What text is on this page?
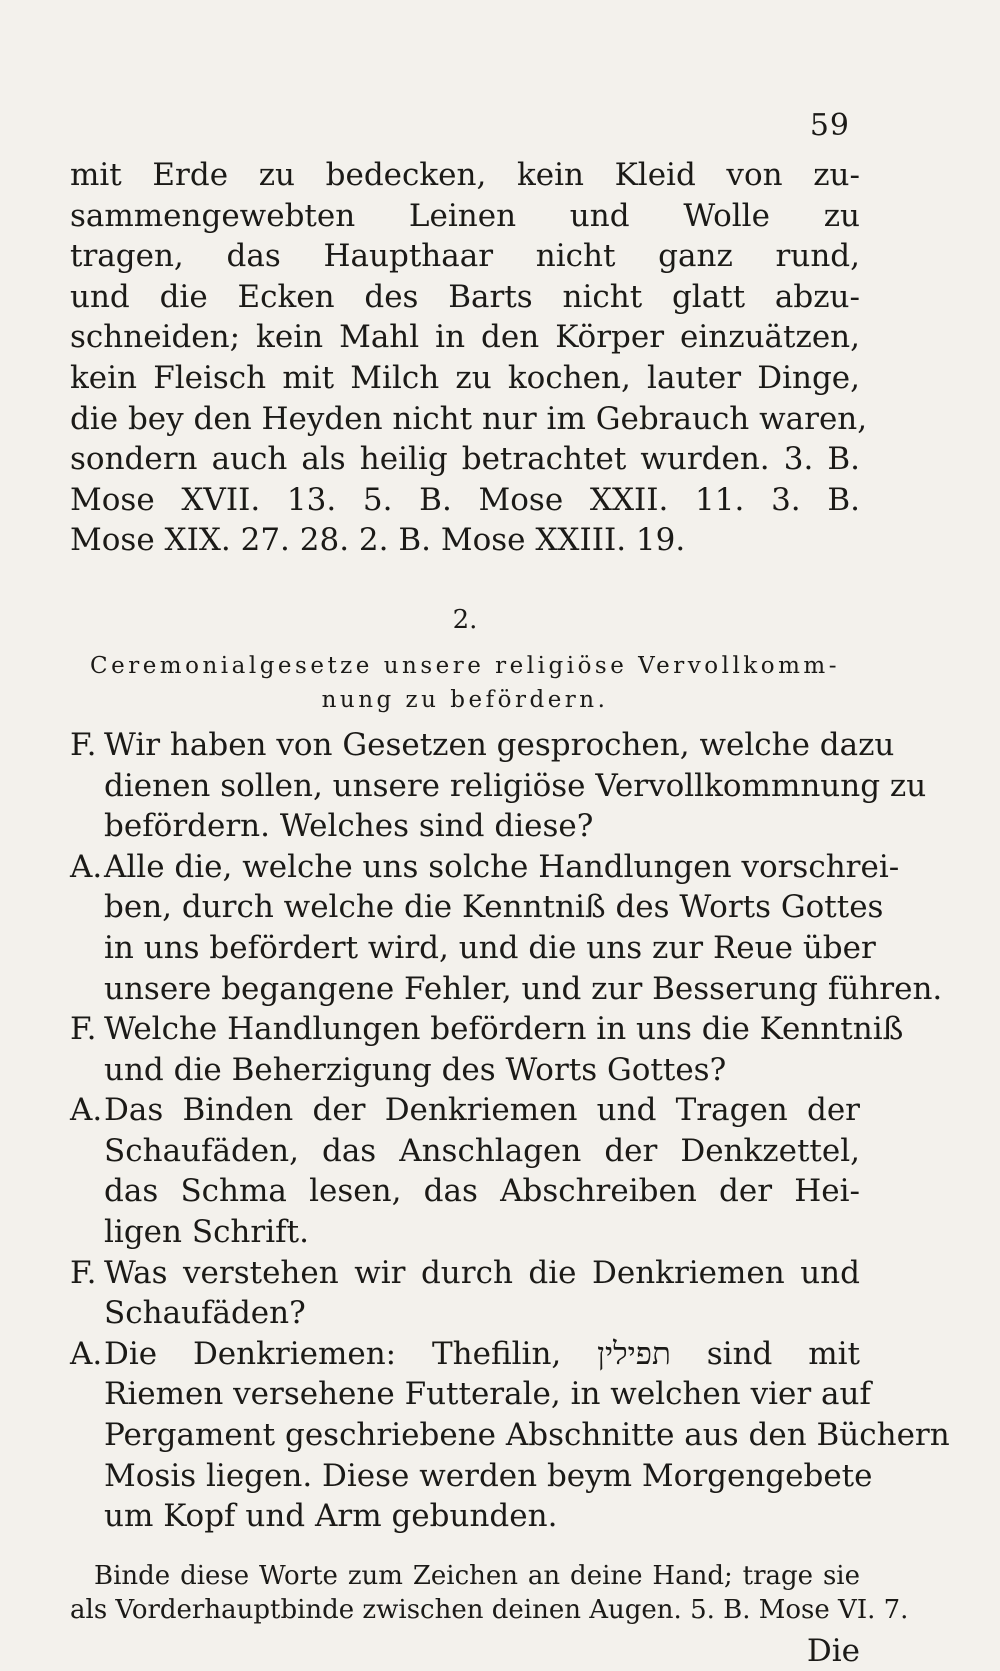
59
mit Erde zu bedecken, kein Kleid von zu-
sammengewebten Leinen und Wolle zu
tragen, das Haupthaar nicht ganz rund,
und die Ecken des Barts nicht glatt abzu-
schneiden; kein Mahl in den Körper einzuätzen,
kein Fleisch mit Milch zu kochen, lauter Dinge,
die bey den Heyden nicht nur im Gebrauch waren,
sondern auch als heilig betrachtet wurden. 3. B.
Mose XVII. 13. 5. B. Mose XXII. 11. 3. B.
Mose XIX. 27. 28. 2. B. Mose XXIII. 19.
2.
Ceremonialgesetze unsere religiöse Vervollkomm-
nung zu befördern.
F. Wir haben von Gesetzen gesprochen, welche dazu
dienen sollen, unsere religiöse Vervollkommnung zu
befördern. Welches sind diese?
A.Alle die, welche uns solche Handlungen vorschrei-
ben, durch welche die Kenntniß des Worts Gottes
in uns befördert wird, und die uns zur Reue über
unsere begangene Fehler, und zur Besserung führen.
F. Welche Handlungen befördern in uns die Kenntniß
und die Beherzigung des Worts Gottes?
A.Das Binden der Denkriemen und Tragen der
Schaufäden, das Anschlagen der Denkzettel,
das Schma lesen, das Abschreiben der Hei-
ligen Schrift.
F. Was verstehen wir durch die Denkriemen und
Schaufäden?
A.Die Denkriemen: Thefilin, תפילין sind mit
Riemen versehene Futterale, in welchen vier auf
Pergament geschriebene Abschnitte aus den Büchern
Mosis liegen. Diese werden beym Morgengebete
um Kopf und Arm gebunden.
Binde diese Worte zum Zeichen an deine Hand; trage sie
als Vorderhauptbinde zwischen deinen Augen. 5. B. Mose VI. 7.
Die
